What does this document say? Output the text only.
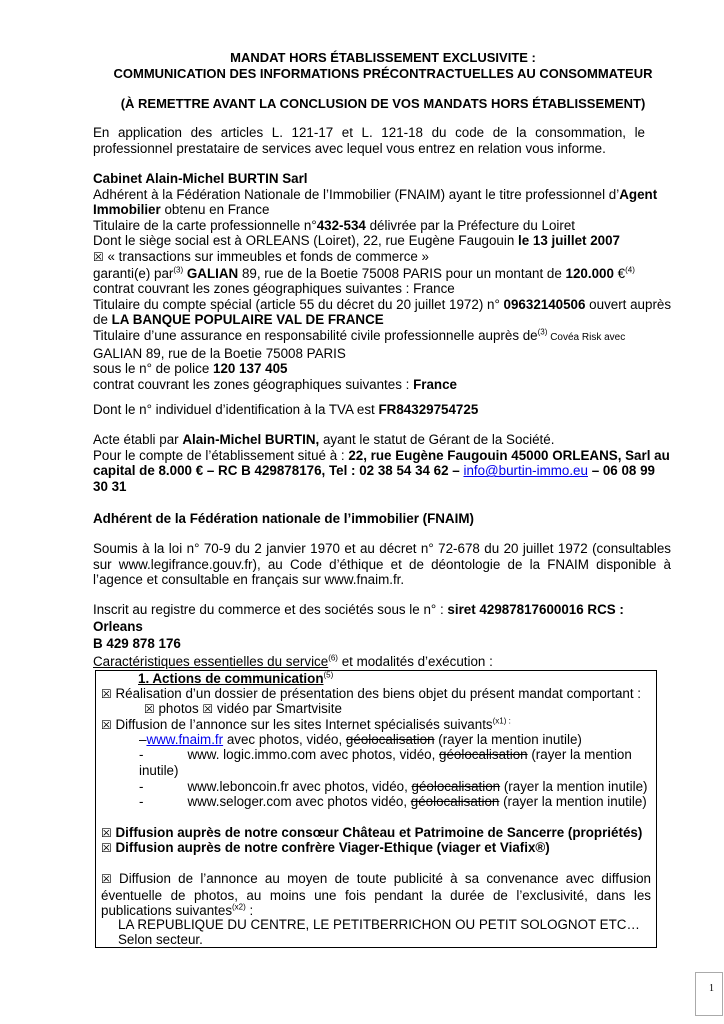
MANDAT HORS ÉTABLISSEMENT EXCLUSIVITE :
COMMUNICATION DES INFORMATIONS PRÉCONTRACTUELLES AU CONSOMMATEUR
(À REMETTRE AVANT LA CONCLUSION DE VOS MANDATS HORS ÉTABLISSEMENT)
En application des articles L. 121-17 et L. 121-18 du code de la consommation, le professionnel prestataire de services avec lequel vous entrez en relation vous informe.
Cabinet Alain-Michel BURTIN Sarl
Adhérent à la Fédération Nationale de l’Immobilier (FNAIM) ayant le titre professionnel d’Agent Immobilier obtenu en France
Titulaire de la carte professionnelle n°432-534 délivrée par la Préfecture du Loiret
Dont le siège social est à ORLEANS (Loiret), 22, rue Eugène Faugouin le 13 juillet 2007
☒ « transactions sur immeubles et fonds de commerce »
garanti(e) par$^{(3)}$ GALIAN 89, rue de la Boetie 75008 PARIS pour un montant de 120.000 €$^{(4)}$
contrat couvrant les zones géographiques suivantes : France
Titulaire du compte spécial (article 55 du décret du 20 juillet 1972) n° 09632140506 ouvert auprès
de LA BANQUE POPULAIRE VAL DE FRANCE
Titulaire d’une assurance en responsabilité civile professionnelle auprès $de^{(3)}$ Covéa Risk avec
GALIAN 89, rue de la Boetie 75008 PARIS
sous le n° de police 120 137 405
contrat couvrant les zones géographiques suivantes : France
Dont le n° individuel d’identification à la TVA est FR84329754725
Acte établi par Alain-Michel BURTIN, ayant le statut de Gérant de la Société.
Pour le compte de l’établissement situé à : 22, rue Eugène Faugouin 45000 ORLEANS, Sarl au
capital de 8.000 € – RC B 429878176, Tel : 02 38 54 34 62 – info@burtin-immo.eu – 06 08 99
30 31
Adhérent de la Fédération nationale de l’immobilier (FNAIM)
Soumis à la loi n° 70-9 du 2 janvier 1970 et au décret n° 72-678 du 20 juillet 1972 (consultables sur www.legifrance.gouv.fr), au Code d’éthique et de déontologie de la FNAIM disponible à l’agence et consultable en français sur www.fnaim.fr.
Inscrit au registre du commerce et des sociétés sous le n° : siret 42987817600016 RCS : Orleans
B 429 878 176
Caractéristiques essentielles du service$^{(6)}$ et modalités d’exécution :
1. Actions de communication$^{(5)}$
☒ Réalisation d’un dossier de présentation des biens objet du présent mandat comportant :
☒ photos ☒ vidéo par Smartvisite
☒ Diffusion de l’annonce sur les sites Internet spécialisés suivants$^{(x1) :}$
–www.fnaim.fr avec photos, vidéo, géolocalisation (rayer la mention inutile)
-	www. logic.immo.com avec photos, vidéo, géolocalisation (rayer la mention
inutile)
-	www.leboncoin.fr avec photos, vidéo, géolocalisation (rayer la mention inutile)
-	www.seloger.com avec photos vidéo, géolocalisation (rayer la mention inutile)
☒ Diffusion auprès de notre consœur Château et Patrimoine de Sancerre (propriétés)
☒ Diffusion auprès de notre confrère Viager-Ethique (viager et Viafix®)
☒ Diffusion de l’annonce au moyen de toute publicité à sa convenance avec diffusion éventuelle de photos, au moins une fois pendant la durée de l’exclusivité, dans les publications suivantes$^{(x2)}$ :
LA REPUBLIQUE DU CENTRE, LE PETITBERRICHON OU PETIT SOLOGNOT ETC…
Selon secteur.
1
